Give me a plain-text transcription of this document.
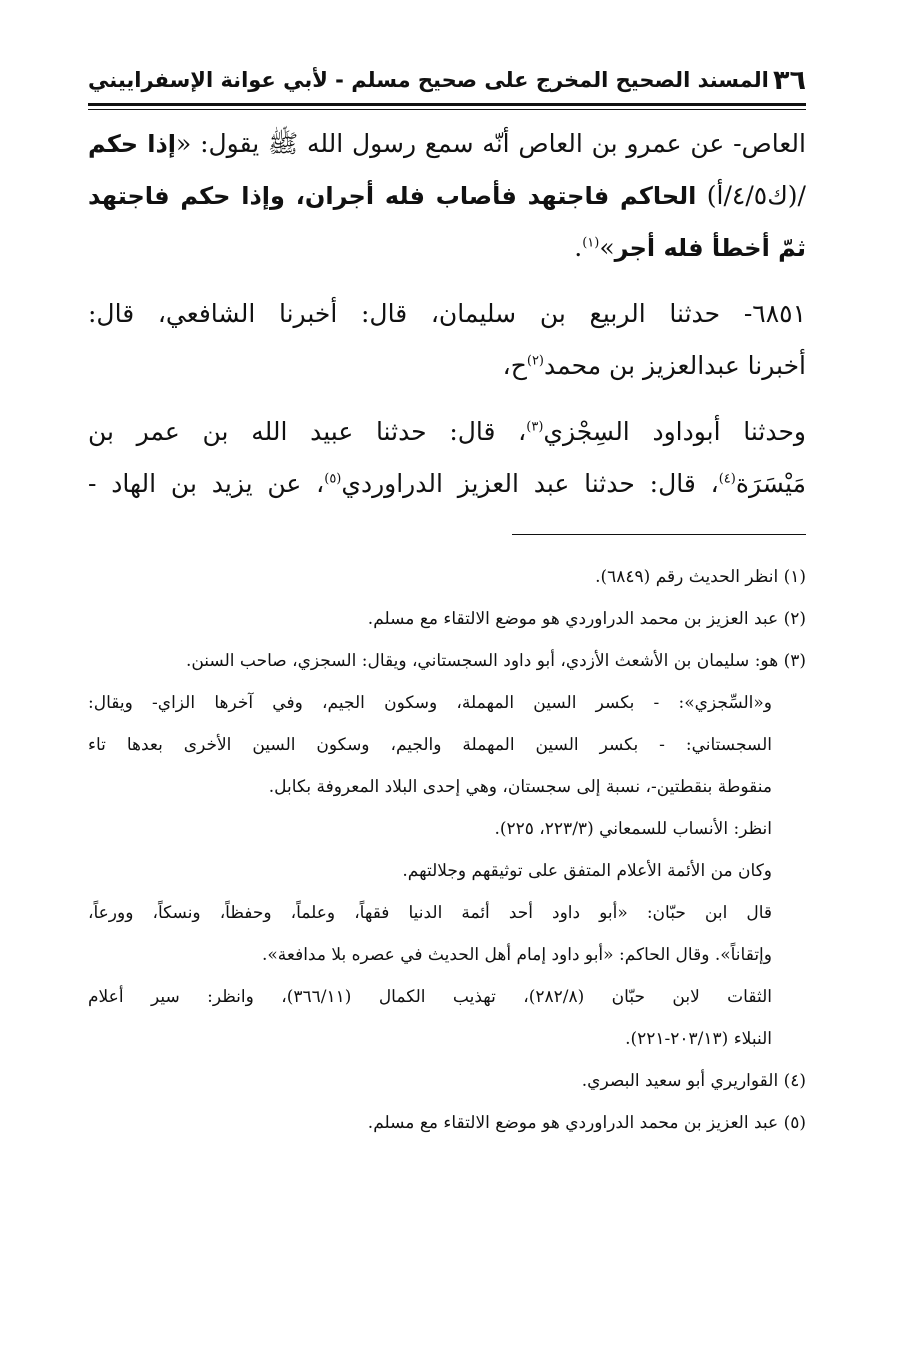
٣٦
المسند الصحيح المخرج على صحيح مسلم - لأبي عوانة الإسفراييني
العاص- عن عمرو بن العاص أنّه سمع رسول الله ﷺ يقول: «إذا حكم
/(ك٤/٥/أ) الحاكم فاجتهد فأصاب فله أجران، وإذا حكم فاجتهد
ثمّ أخطأ فله أجر»$^{(١)}$.
٦٨٥١- حدثنا الربيع بن سليمان، قال: أخبرنا الشافعي، قال:
أخبرنا عبدالعزيز بن محمد$^{(٢)}$ح،
وحدثنا أبوداود السِجْزي$^{(٣)}$، قال: حدثنا عبيد الله بن عمر بن
مَيْسَرَة$^{(٤)}$، قال: حدثنا عبد العزيز الدراوردي$^{(٥)}$، عن يزيد بن الهاد -
(١) انظر الحديث رقم (٦٨٤٩).
(٢) عبد العزيز بن محمد الدراوردي هو موضع الالتقاء مع مسلم.
(٣) هو: سليمان بن الأشعث الأزدي، أبو داود السجستاني، ويقال: السجزي، صاحب السنن.
و«السِّجزي»: - بكسر السين المهملة، وسكون الجيم، وفي آخرها الزاي- ويقال:
السجستاني: - بكسر السين المهملة والجيم، وسكون السين الأخرى بعدها تاء
منقوطة بنقطتين-، نسبة إلى سجستان، وهي إحدى البلاد المعروفة بكابل.
انظر: الأنساب للسمعاني (٢٢٣/٣، ٢٢٥).
وكان من الأئمة الأعلام المتفق على توثيقهم وجلالتهم.
قال ابن حبّان: «أبو داود أحد أئمة الدنيا فقهاً، وعلماً، وحفظاً، ونسكاً، وورعاً،
وإتقاناً». وقال الحاكم: «أبو داود إمام أهل الحديث في عصره بلا مدافعة».
الثقات لابن حبّان (٢٨٢/٨)، تهذيب الكمال (٣٦٦/١١)، وانظر: سير أعلام
النبلاء (٢٠٣/١٣-٢٢١).
(٤) القواريري أبو سعيد البصري.
(٥) عبد العزيز بن محمد الدراوردي هو موضع الالتقاء مع مسلم.
